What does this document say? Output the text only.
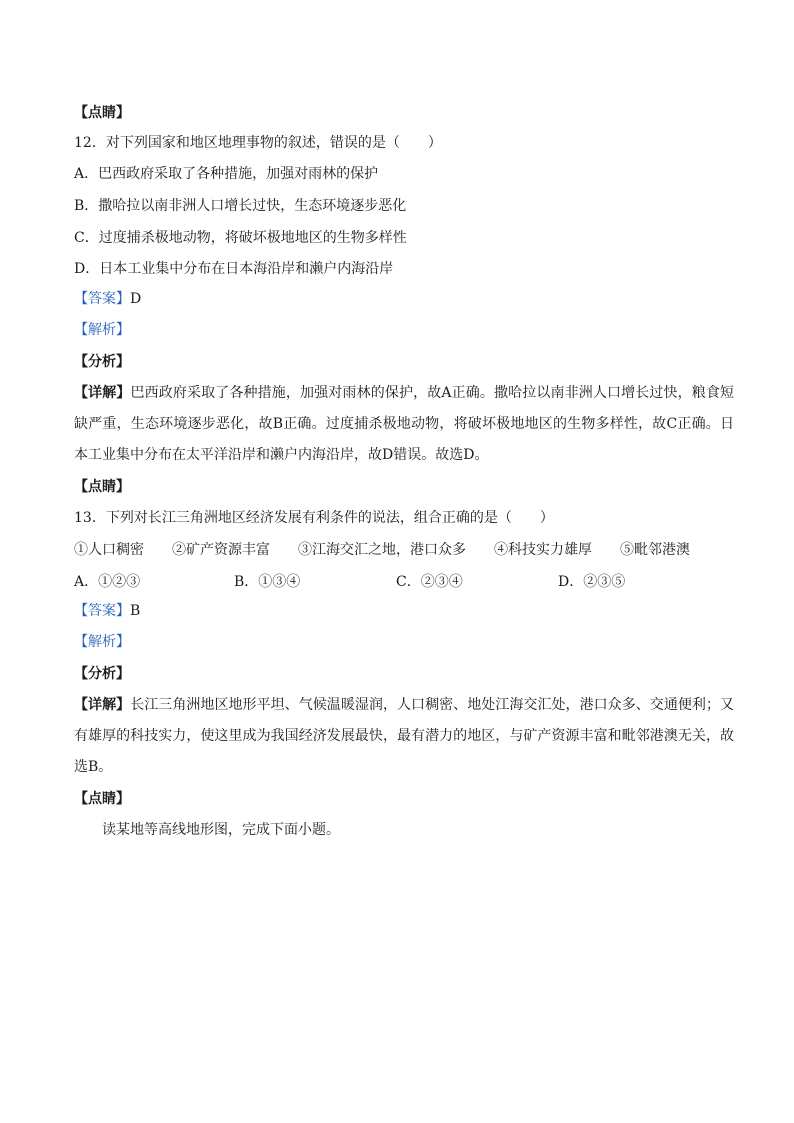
【点睛】
12．对下列国家和地区地理事物的叙述，错误的是（　　）
A．巴西政府采取了各种措施，加强对雨林的保护
B．撒哈拉以南非洲人口增长过快，生态环境逐步恶化
C．过度捕杀极地动物，将破坏极地地区的生物多样性
D．日本工业集中分布在日本海沿岸和濑户内海沿岸
【答案】D
【解析】
【分析】
【详解】巴西政府采取了各种措施，加强对雨林的保护，故A正确。撒哈拉以南非洲人口增长过快，粮食短缺严重，生态环境逐步恶化，故B正确。过度捕杀极地动物，将破坏极地地区的生物多样性，故C正确。日本工业集中分布在太平洋沿岸和濑户内海沿岸，故D错误。故选D。
【点睛】
13．下列对长江三角洲地区经济发展有利条件的说法，组合正确的是（　　）
①人口稠密　　②矿产资源丰富　　③江海交汇之地，港口众多　　④科技实力雄厚　　⑤毗邻港澳
A．①②③	B．①③④	C．②③④	D．②③⑤
【答案】B
【解析】
【分析】
【详解】长江三角洲地区地形平坦、气候温暖湿润，人口稠密、地处江海交汇处，港口众多、交通便利；又有雄厚的科技实力，使这里成为我国经济发展最快，最有潜力的地区，与矿产资源丰富和毗邻港澳无关，故选B。
【点睛】
读某地等高线地形图，完成下面小题。
